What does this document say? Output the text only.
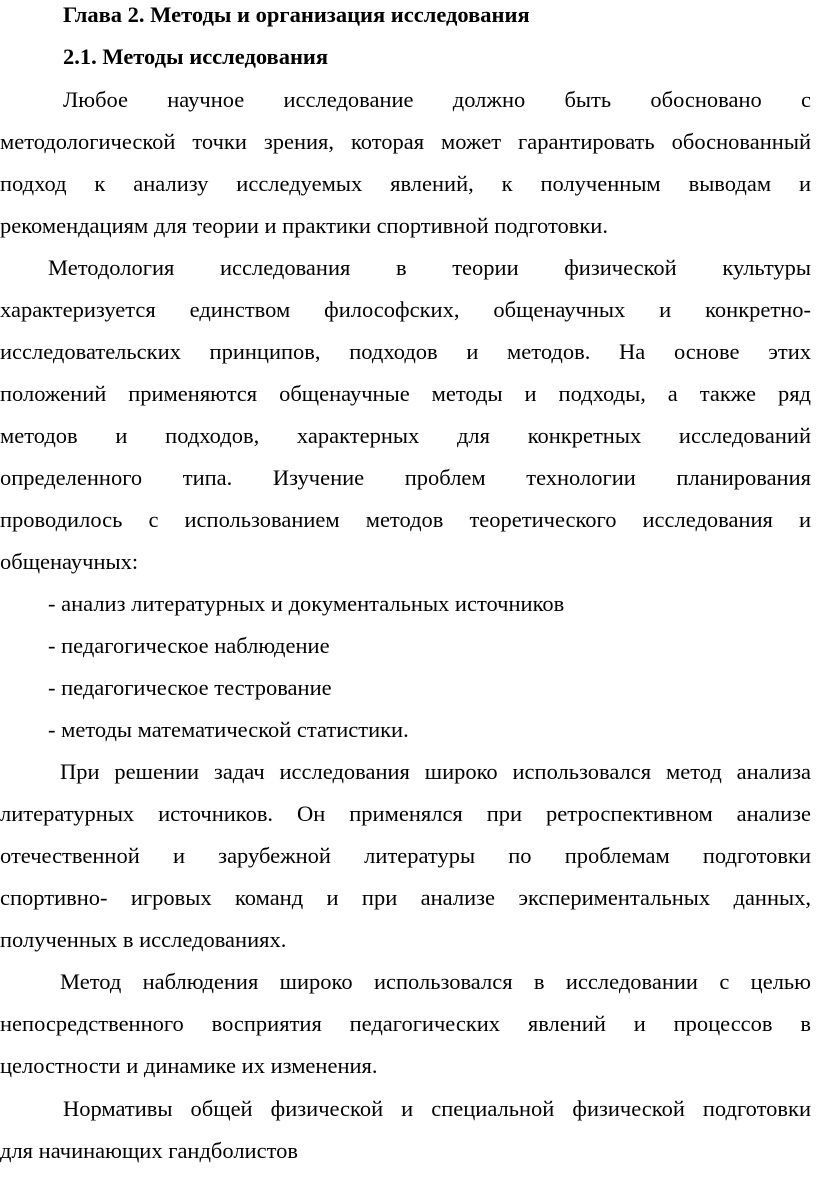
Глава 2. Методы и организация исследования
2.1. Методы исследования
Любое научное исследование должно быть обосновано с
методологической точки зрения, которая может гарантировать обоснованный
подход к анализу исследуемых явлений, к полученным выводам и
рекомендациям для теории и практики спортивной подготовки.
Методология исследования в теории физической культуры
характеризуется единством философских, общенаучных и конкретно-
исследовательских принципов, подходов и методов. На основе этих
положений применяются общенаучные методы и подходы, а также ряд
методов и подходов, характерных для конкретных исследований
определенного типа. Изучение проблем технологии планирования
проводилось с использованием методов теоретического исследования и
общенаучных:
- анализ литературных и документальных источников
- педагогическое наблюдение
- педагогическое тестрование
- методы математической статистики.
При решении задач исследования широко использовался метод анализа
литературных источников. Он применялся при ретроспективном анализе
отечественной и зарубежной литературы по проблемам подготовки
спортивно- игровых команд и при анализе экспериментальных данных,
полученных в исследованиях.
Метод наблюдения широко использовался в исследовании с целью
непосредственного восприятия педагогических явлений и процессов в
целостности и динамике их изменения.
Нормативы общей физической и специальной физической подготовки
для начинающих гандболистов
